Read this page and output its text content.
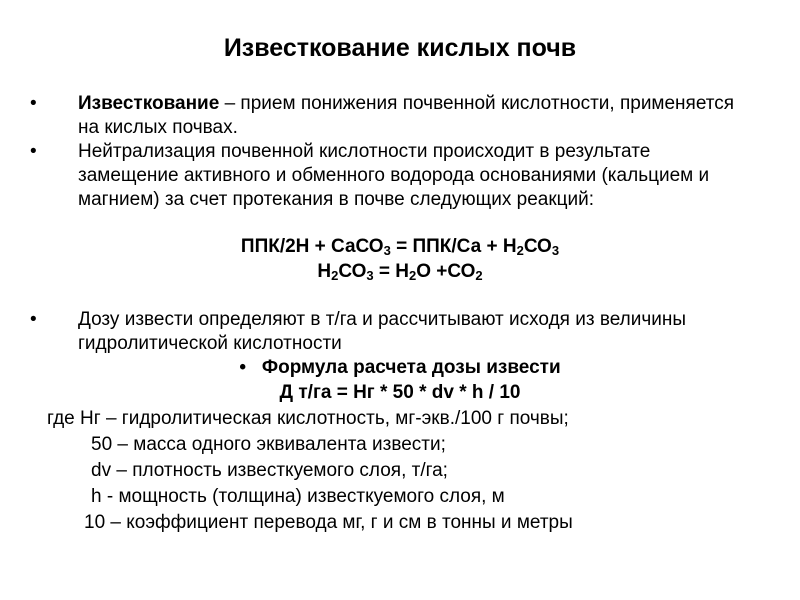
Известкование кислых почв
•	Известкование – прием понижения почвенной кислотности, применяется на кислых почвах.
•	Нейтрализация почвенной кислотности происходит в результате замещение активного и обменного водорода основаниями (кальцием и магнием) за счет протекания в почве следующих реакций:
ППК/2Н + СаСО$_3$ = $ППК/Са + Н_2СО_3$
$Н_2СО_3 = Н_2О +СО_2$
•	Дозу извести определяют в т/га и рассчитывают исходя из величины гидролитической кислотности
• Формула расчета дозы извести
Д т/га = Нг * 50 * dv * h / 10
где Нг – гидролитическая кислотность, мг-экв./100 г почвы;
50 – масса одного эквивалента извести;
dv – плотность известкуемого слоя, т/га;
h - мощность (толщина) известкуемого слоя, м
10 – коэффициент перевода мг, г и см в тонны и метры
